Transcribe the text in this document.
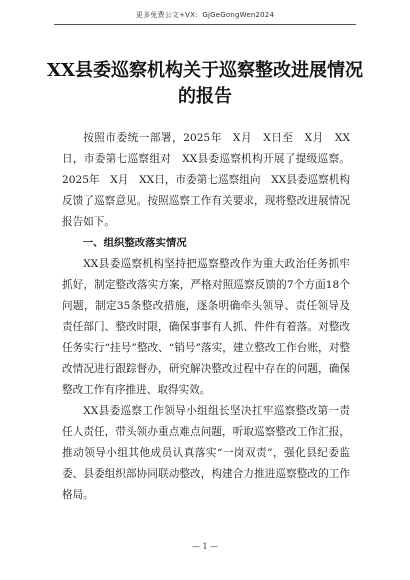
更多免费公文+VX：GjGeGongWen2024
XX县委巡察机构关于巡察整改进展情况
的报告

按照市委统一部署，2025年　X月　X日至　X月　XX日，市委第七巡察组对　XX县委巡察机构开展了提级巡察。2025年　X月　XX日，市委第七巡察组向　XX县委巡察机构反馈了巡察意见。按照巡察工作有关要求，现将整改进展情况报告如下。

一、组织整改落实情况

XX县委巡察机构坚持把巡察整改作为重大政治任务抓牢抓好，制定整改落实方案，严格对照巡察反馈的7个方面18个问题，制定35条整改措施，逐条明确牵头领导、责任领导及责任部门、整改时限，确保事事有人抓、件件有着落。对整改任务实行“挂号”整改、“销号”落实，建立整改工作台账，对整改情况进行跟踪督办，研究解决整改过程中存在的问题，确保整改工作有序推进、取得实效。

XX县委巡察工作领导小组组长坚决扛牢巡察整改第一责任人责任，带头领办重点难点问题，听取巡察整改工作汇报，推动领导小组其他成员认真落实“一岗双责”，强化县纪委监委、县委组织部协同联动整改，构建合力推进巡察整改的工作格局。

— 1 —
